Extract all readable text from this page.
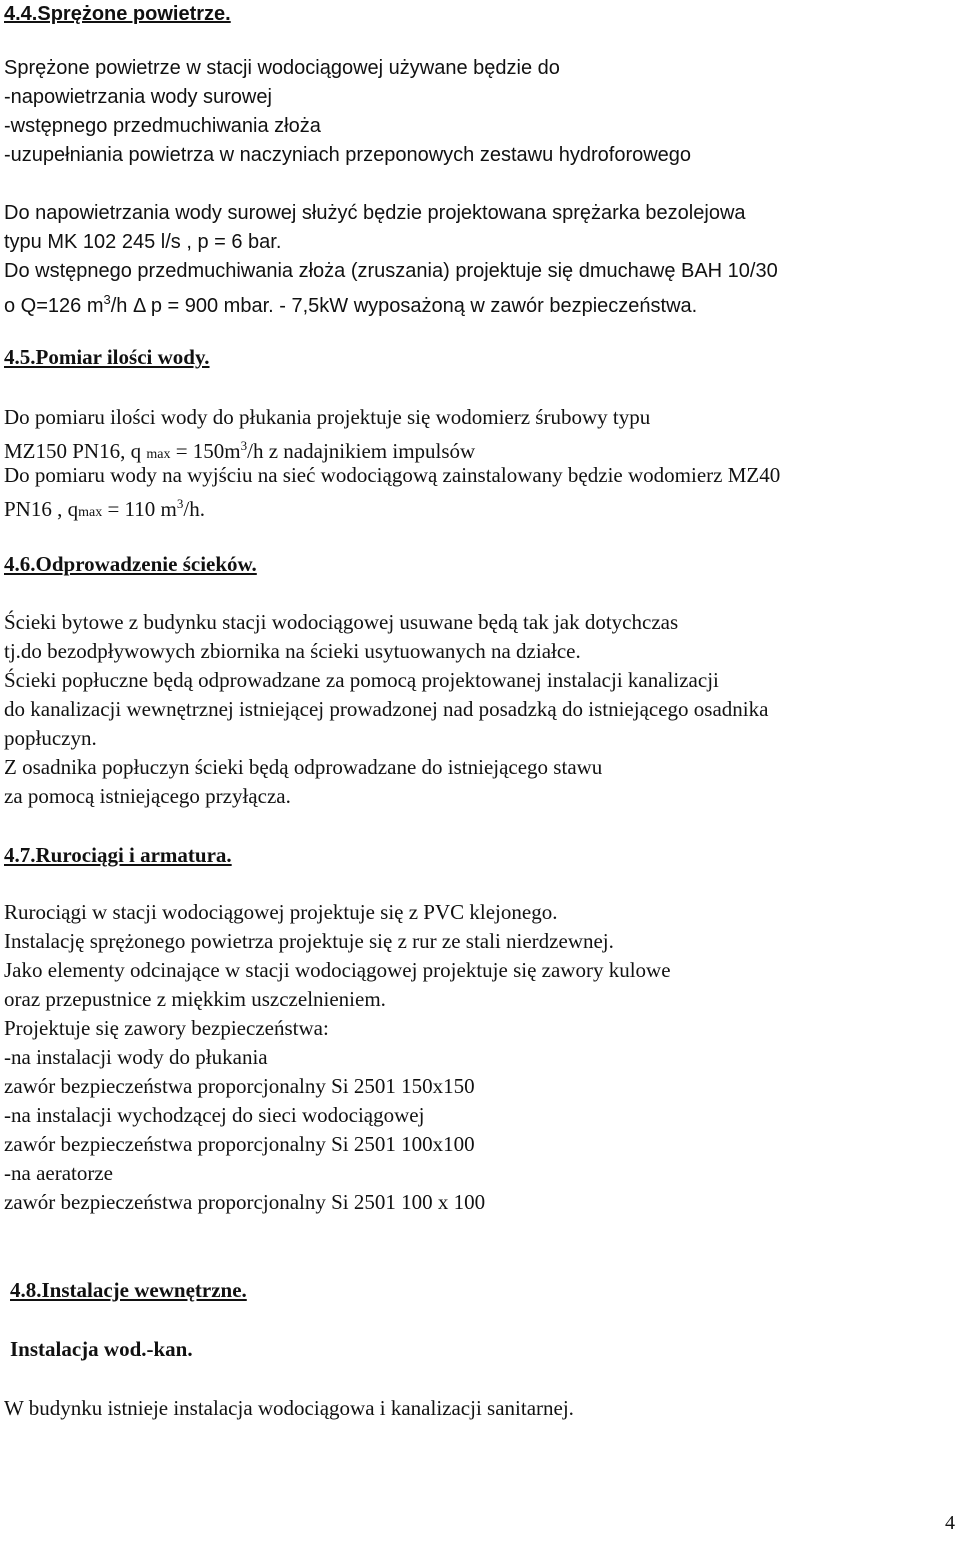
4.4.Sprężone powietrze.
Sprężone powietrze w stacji wodociągowej używane będzie do
-napowietrzania wody surowej
-wstępnego przedmuchiwania złoża
-uzupełniania powietrza w naczyniach przeponowych zestawu hydroforowego
Do napowietrzania wody surowej służyć będzie projektowana sprężarka bezolejowa
typu MK 102 245 l/s , p = 6 bar.
Do wstępnego przedmuchiwania złoża (zruszania) projektuje się dmuchawę BAH 10/30
o Q=126 $m^3/h$ Δ p = 900 mbar. - 7,5kW wyposażoną w zawór bezpieczeństwa.
4.5.Pomiar ilości wody.
Do pomiaru ilości wody do płukania projektuje się wodomierz śrubowy typu
MZ150 PN16, q $\max = 150m^3/h$ z nadajnikiem impulsów
Do pomiaru wody na wyjściu na sieć wodociągową zainstalowany będzie wodomierz MZ40
PN16 , qmax = 110 $m^3/h$.
4.6.Odprowadzenie ścieków.
Ścieki bytowe z budynku stacji wodociągowej usuwane będą tak jak dotychczas
tj.do bezodpływowych zbiornika na ścieki usytuowanych na działce.
Ścieki popłuczne będą odprowadzane za pomocą projektowanej instalacji kanalizacji
do kanalizacji wewnętrznej istniejącej prowadzonej nad posadzką do istniejącego osadnika
popłuczyn.
Z osadnika popłuczyn ścieki będą odprowadzane do istniejącego stawu
za pomocą istniejącego przyłącza.
4.7.Rurociągi i armatura.
Rurociągi w stacji wodociągowej projektuje się z PVC klejonego.
Instalację sprężonego powietrza projektuje się z rur ze stali nierdzewnej.
Jako elementy odcinające w stacji wodociągowej projektuje się zawory kulowe
oraz przepustnice z miękkim uszczelnieniem.
Projektuje się zawory bezpieczeństwa:
-na instalacji wody do płukania
zawór bezpieczeństwa proporcjonalny Si 2501 150x150
-na instalacji wychodzącej do sieci wodociągowej
zawór bezpieczeństwa proporcjonalny Si 2501 100x100
-na aeratorze
zawór bezpieczeństwa proporcjonalny Si 2501 100 x 100
4.8.Instalacje wewnętrzne.
Instalacja wod.-kan.
W budynku istnieje instalacja wodociągowa i kanalizacji sanitarnej.
4
